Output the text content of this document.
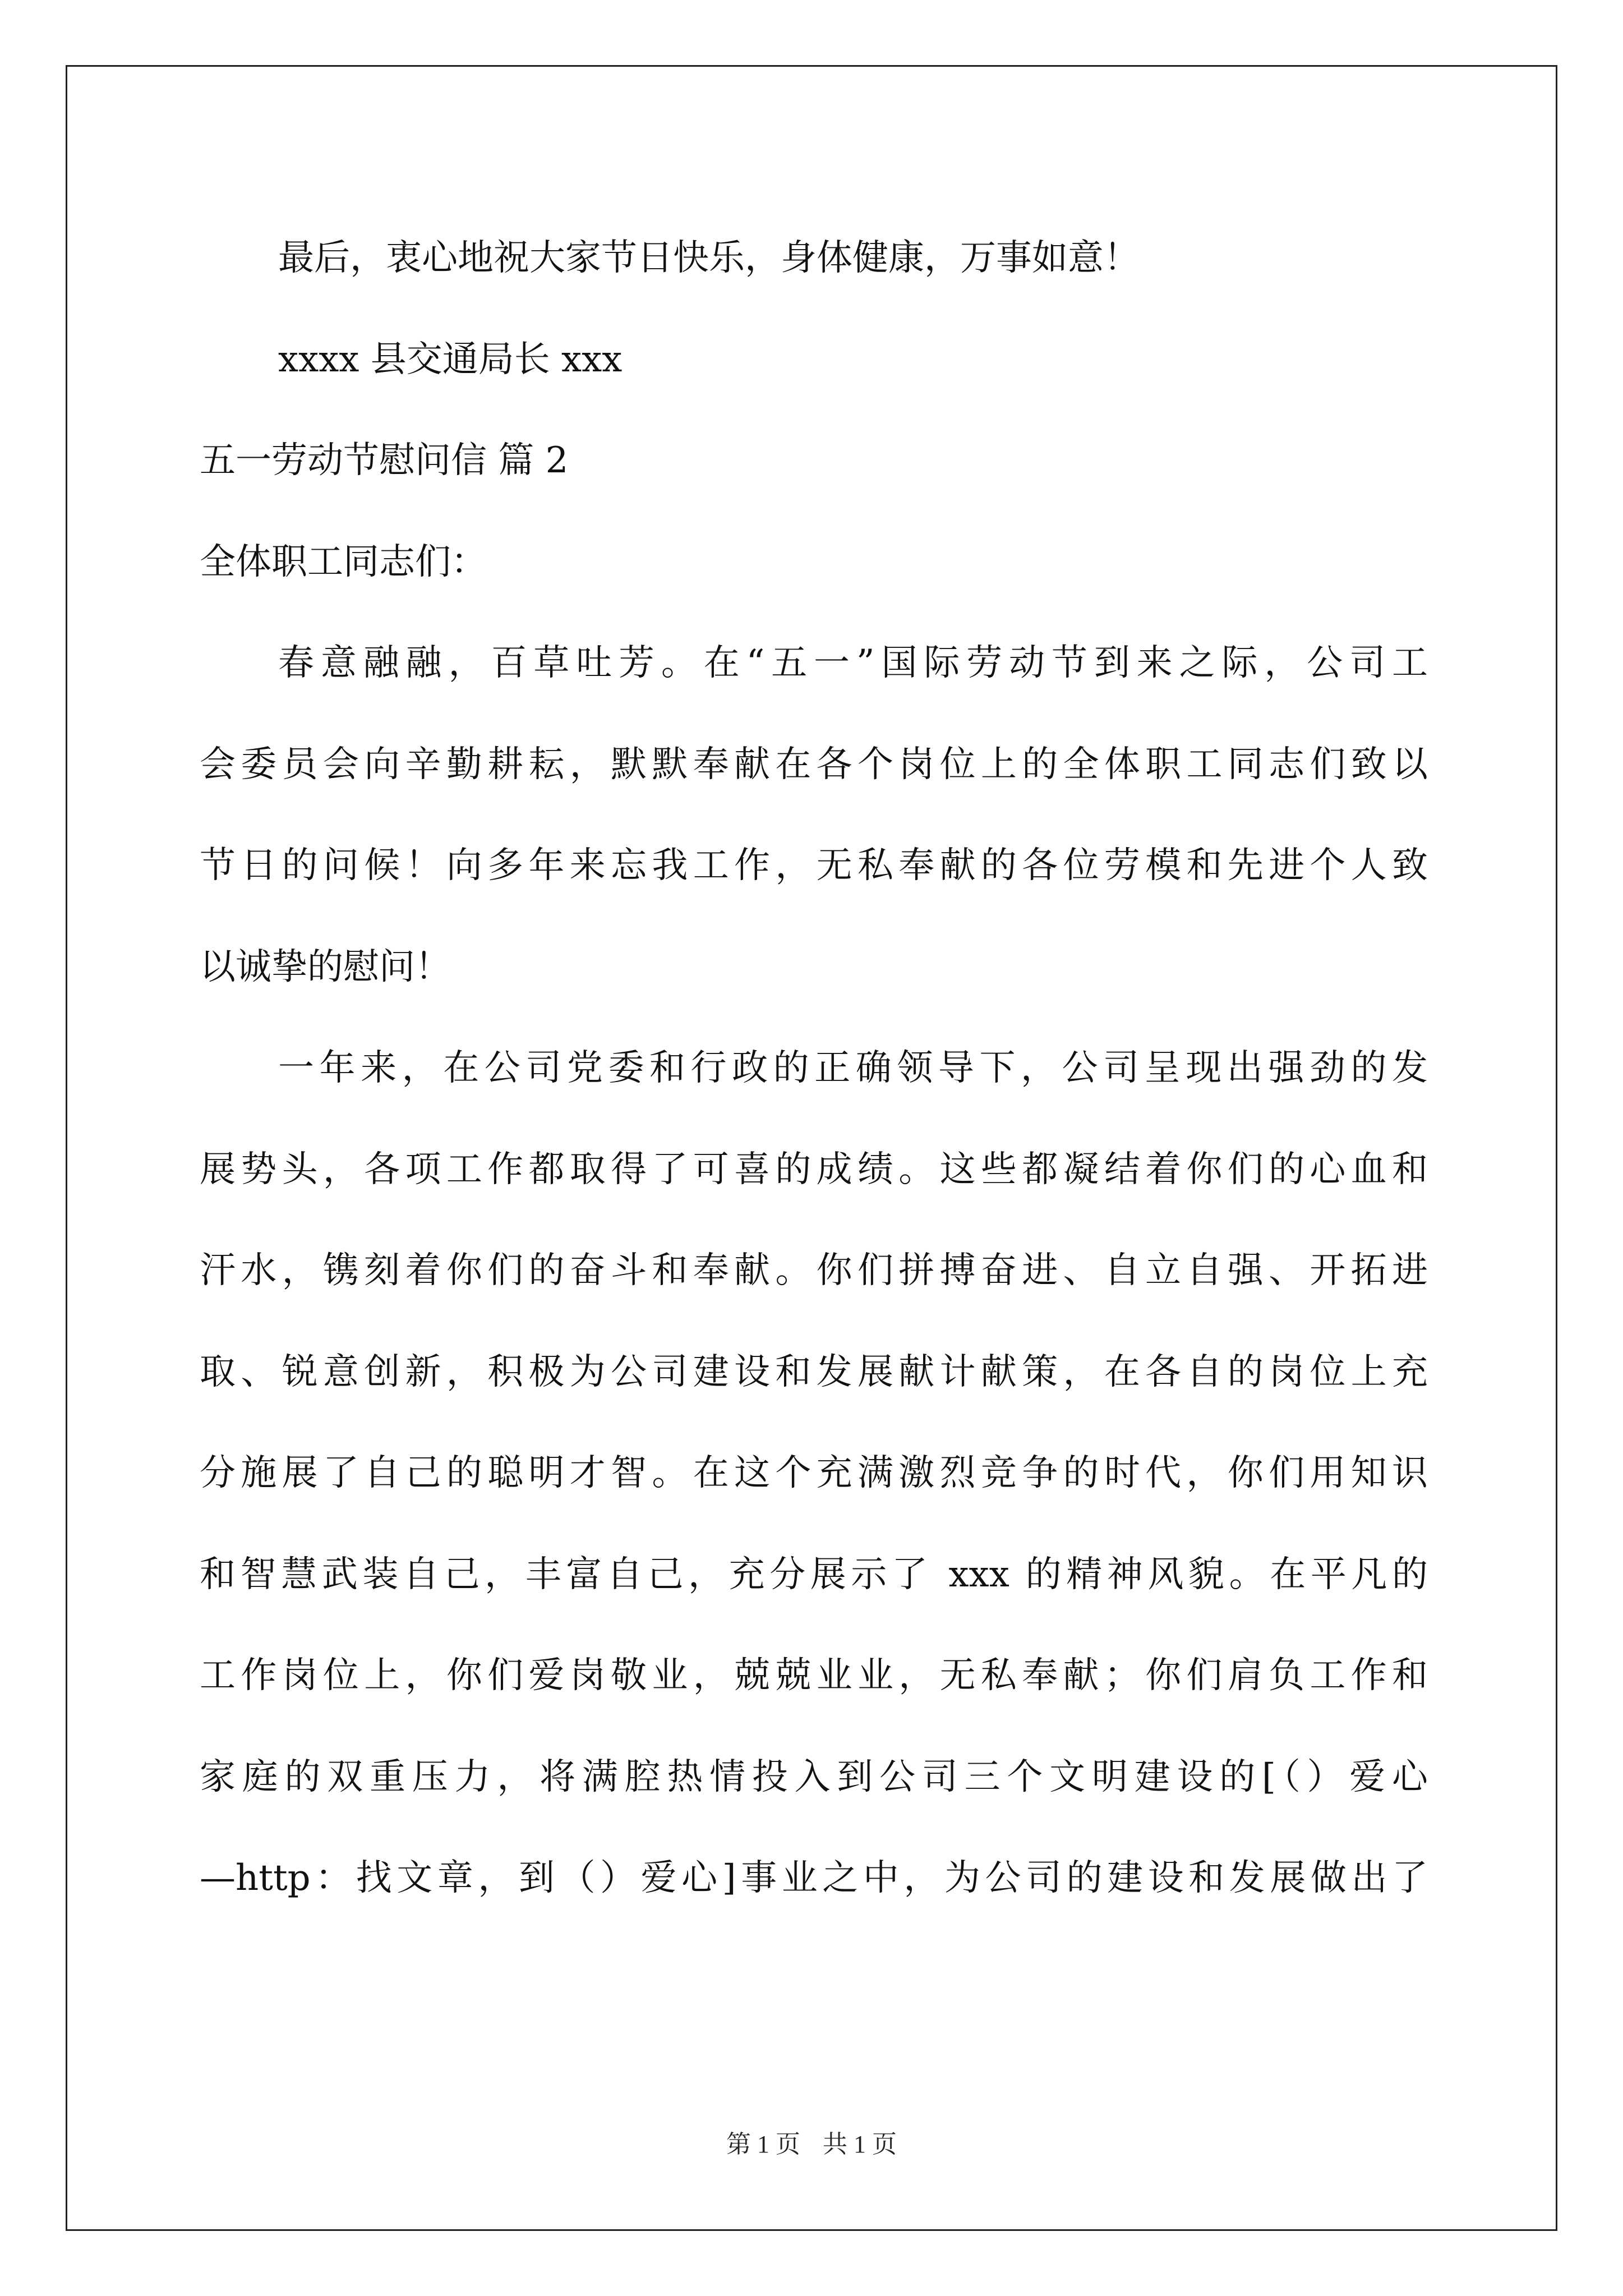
最后，衷心地祝大家节日快乐，身体健康，万事如意！
xxxx 县交通局长 xxx
五一劳动节慰问信 篇 2
全体职工同志们：
春意融融，百草吐芳。在“五一”国际劳动节到来之际，公司工
会委员会向辛勤耕耘，默默奉献在各个岗位上的全体职工同志们致以
节日的问候！向多年来忘我工作，无私奉献的各位劳模和先进个人致
以诚挚的慰问！
一年来，在公司党委和行政的正确领导下，公司呈现出强劲的发
展势头，各项工作都取得了可喜的成绩。这些都凝结着你们的心血和
汗水，镌刻着你们的奋斗和奉献。你们拼搏奋进、自立自强、开拓进
取、锐意创新，积极为公司建设和发展献计献策，在各自的岗位上充
分施展了自己的聪明才智。在这个充满激烈竞争的时代，你们用知识
和智慧武装自己，丰富自己，充分展示了 xxx 的精神风貌。在平凡的
工作岗位上，你们爱岗敬业，兢兢业业，无私奉献；你们肩负工作和
家庭的双重压力，将满腔热情投入到公司三个文明建设的[（）爱心
—http：找文章，到（）爱心]事业之中，为公司的建设和发展做出了
第 1 页 共 1 页
